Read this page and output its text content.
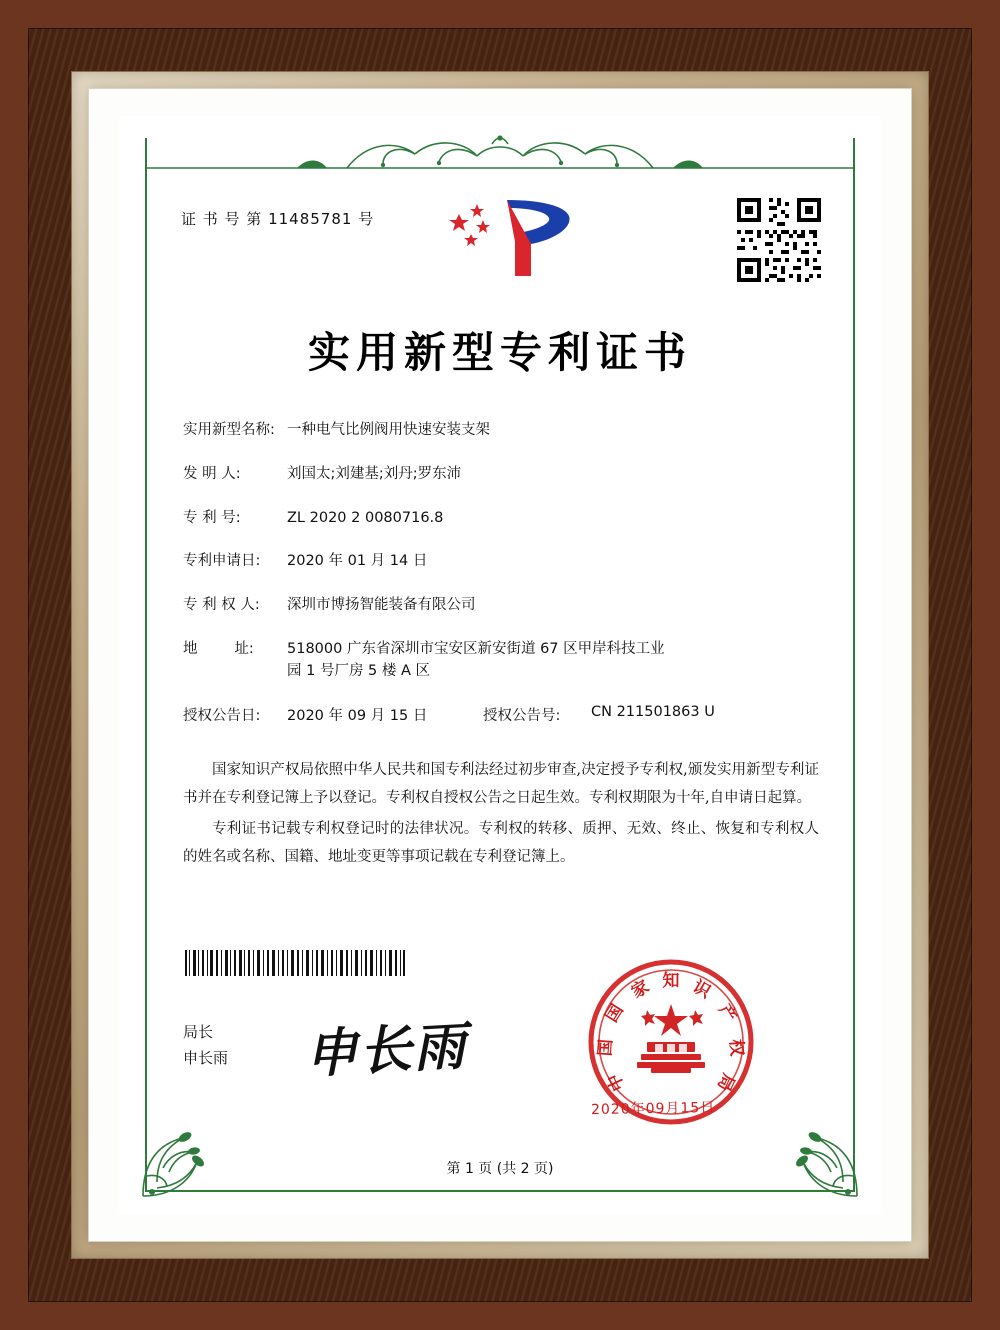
证 书 号 第 11485781 号
实用新型专利证书
实用新型名称: 一种电气比例阀用快速安装支架
发 明 人:	刘国太;刘建基;刘丹;罗东沛
专 利 号:	ZL 2020 2 0080716.8
专利申请日:	2020 年 01 月 14 日
专 利 权 人:	深圳市博扬智能装备有限公司
地        址:	518000 广东省深圳市宝安区新安街道 67 区甲岸科技工业
园 1 号厂房 5 楼 A 区
授权公告日:	2020 年 09 月 15 日	授权公告号:	CN 211501863 U

国家知识产权局依照中华人民共和国专利法经过初步审查,决定授予专利权,颁发实用新型专利证书并在专利登记簿上予以登记。专利权自授权公告之日起生效。专利权期限为十年,自申请日起算。

专利证书记载专利权登记时的法律状况。专利权的转移、质押、无效、终止、恢复和专利权人的姓名或名称、国籍、地址变更等事项记载在专利登记簿上。

局长
申长雨 申长雨
知
家 识
国	产
国	权
中	局
2020年09月15日
第 1 页 (共 2 页)
